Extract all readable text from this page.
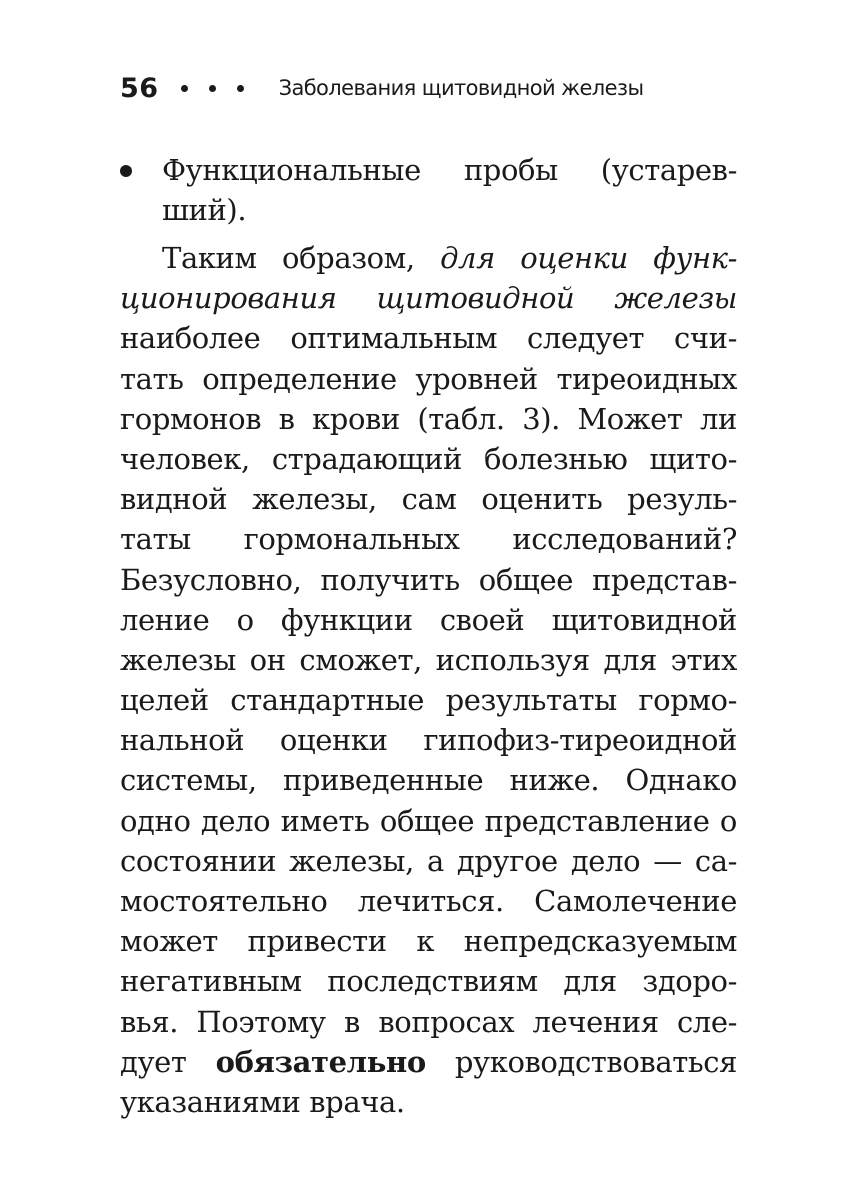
56	Заболевания щитовидной железы
Функциональные пробы (устарев-
ший).
Таким образом, для оценки функ-
ционирования щитовидной железы
наиболее оптимальным следует счи-
тать определение уровней тиреоидных
гормонов в крови (табл. 3). Может ли
человек, страдающий болезнью щито-
видной железы, сам оценить резуль-
таты гормональных исследований?
Безусловно, получить общее представ-
ление о функции своей щитовидной
железы он сможет, используя для этих
целей стандартные результаты гормо-
нальной оценки гипофиз-тиреоидной
системы, приведенные ниже. Однако
одно дело иметь общее представление о
состоянии железы, а другое дело — са-
мостоятельно лечиться. Самолечение
может привести к непредсказуемым
негативным последствиям для здоро-
вья. Поэтому в вопросах лечения сле-
дует обязательно руководствоваться
указаниями врача.
